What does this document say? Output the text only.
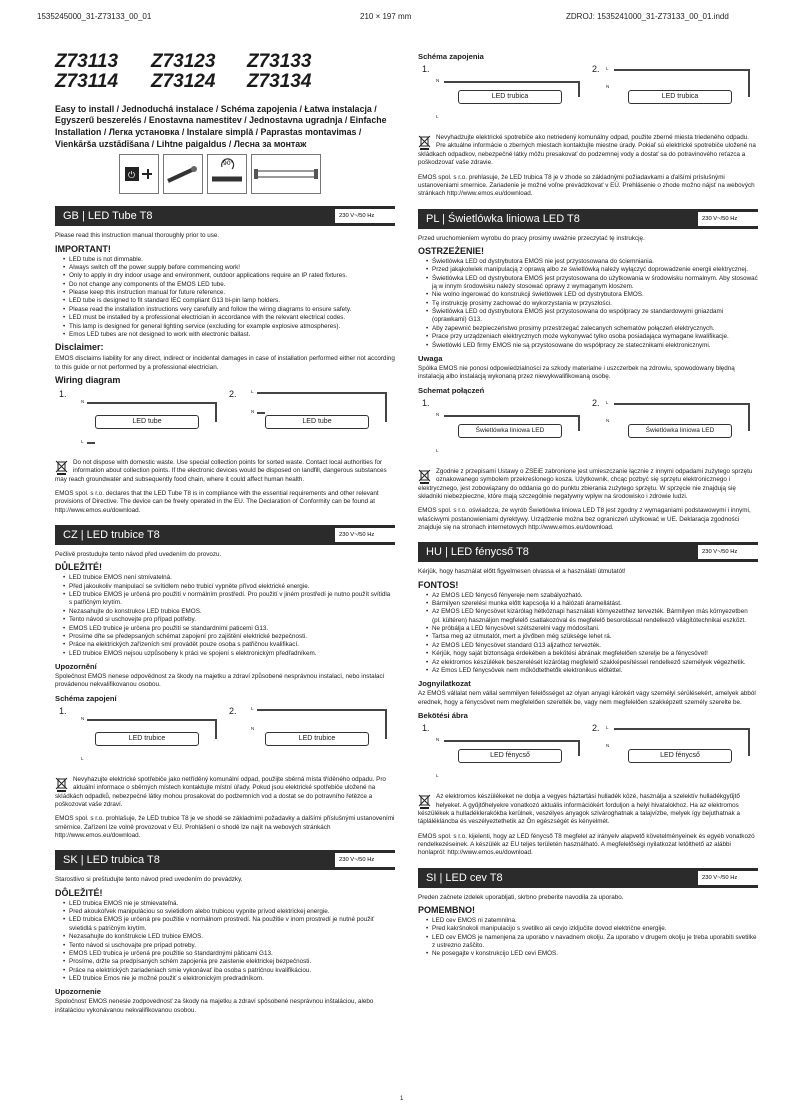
1535245000_31-Z73133_00_01	210 × 197 mm	ZDROJ: 1535241000_31-Z73133_00_01.indd
Z73113 Z73123 Z73133
Z73114 Z73124 Z73134
Easy to install / Jednoduchá instalace / Schéma zapojenia / Łatwa instalacja / Egyszerű beszerelés / Enostavna namestitev / Jednostavna ugradnja / Einfache Installation / Легка установка / Instalare simplă / Paprastas montavimas / Vienkārša uzstādīšana / Lihtne paigaldus / Лесна за монтаж
⏻
90°
GB | LED Tube T8	230 V~/50 Hz

Please read this instruction manual thoroughly prior to use.

IMPORTANT!
• LED tube is not dimmable.
• Always switch off the power supply before commencing work!
• Only to apply in dry indoor usage and environment, outdoor applications require an IP rated fixtures.
• Do not change any components of the EMOS LED tube.
• Please keep this instruction manual for future reference.
• LED tube is designed to fit standard IEC compliant G13 bi-pin lamp holders.
• Please read the installation instructions very carefully and follow the wiring diagrams to ensure safety.
• LED must be installed by a professional electrician in accordance with the relevant electrical codes.
• This lamp is designed for general lighting service (excluding for example explosive atmospheres).
• Emos LED tubes are not designed to work with electronic ballast.
Disclaimer:

EMOS disclaims liability for any direct, indirect or incidental damages in case of installation performed either not according to this guide or not performed by a professional electrician.

Wiring diagram
1.
N
L
LED tube
2.	L
N
LED tube

Do not dispose with domestic waste. Use special collection points for sorted waste. Contact local authorities for information about collection points. If the electronic devices would be disposed on landfill, dangerous substances may reach groundwater and subsequently food chain, where it could affect human health.

EMOS spol. s r.o. declares that the LED Tube T8 is in compliance with the essential requirements and other relevant provisions of Directive. The device can be freely operated in the EU. The Declaration of Conformity can be found at http://www.emos.eu/download.

CZ | LED trubice T8	230 V~/50 Hz

Pečlivě prostudujte tento návod před uvedením do provozu.

DŮLEŽITÉ!
• LED trubice EMOS není stmívatelná.
• Před jakoukoliv manipulací se svítidlem nebo trubicí vypněte přívod elektrické energie.
• LED trubice EMOS je určená pro použití v normálním prostředí. Pro použití v jiném prostředí je nutno použít svítidla s patřičným krytím.
• Nezasahujte do konstrukce LED trubice EMOS.
• Tento návod si uschovejte pro případ potřeby.
• EMOS LED trubice je určena pro použití se standardními paticemi G13.
• Prosíme dřte se předepsaných schémat zapojení pro zajištění elektrické bezpečnosti.
• Práce na elektrických zařízeních smí provádět pouze osoba s patřičnou kvalifikací.
• LED trubice EMOS nejsou uzpůsobeny k práci ve spojení s elektronickým předřadníkem.
Upozornění

Společnost EMOS nenese odpovědnost za škody na majetku a zdraví způsobené nesprávnou instalací, nebo instalací provádenou nekvalifikovanou osobou.

Schéma zapojení
1.
N
L
LED trubice
2.	L
N
LED trubice

Nevyhazujte elektrické spotřebiče jako netříděný komunální odpad, použijte sběrná místa tříděného odpadu. Pro aktuální informace o sběrných místech kontaktujte místní úřady. Pokud jsou elektrické spotřebiče uložené na skládkách odpadků, nebezpečné látky mohou prosakovat do podzemních vod a dostat se do potravního řetězce a poškozovat vaše zdraví.

EMOS spol. s r.o. prohlašuje, že LED trubice T8 je ve shodě se základními požadavky a dalšími příslušnými ustanoveními směrnice. Zařízení lze volně provozovat v EU. Prohlášení o shodě lze najít na webových stránkách http://www.emos.eu/download.

SK | LED trubica T8	230 V~/50 Hz

Starostlivo si preštudujte tento návod pred uvedením do prevádzky.

DÔLEŽITÉ!
• LED trubica EMOS nie je stmievateľná.
• Pred akoukoľvek manipuláciou so svietidlom alebo trubicou vypnite prívod elektrickej energie.
• LED trubica EMOS je určená pre použitie v normálnom prostredí. Na použitie v inom prostredí je nutné použiť svietidlá s patričným krytím.
• Nezasahujte do konštrukcie LED trubice EMOS.
• Tento návod si uschovajte pre prípad potreby.
• EMOS LED trubica je určená pre použitie so štandardnými päticami G13.
• Prosíme, držte sa predpísaných schém zapojenia pre zaistenie elektrickej bezpečnosti.
• Práce na elektrických zariadeniach smie vykonávať iba osoba s patričnou kvalifikáciou.
• LED trubice Emos nie je možné použiť s elektronickým predradníkom.
Upozornenie

Spoločnosť EMOS nenesie zodpovednosť za škody na majetku a zdraví spôsobené nesprávnou inštaláciou, alebo inštaláciou vykonávanou nekvalifikovanou osobou.

Schéma zapojenia
1.
N
L
LED trubica
2. L
N
LED trubica

Nevyhadzujte elektrické spotrebiče ako netriedený komunálny odpad, použite zberné miesta triedeného odpadu. Pre aktuálne informácie o zberných miestach kontaktujte miestne úrady. Pokiaľ sú elektrické spotrebiče uložené na skládkach odpadkov, nebezpečné látky môžu presakovať do podzemnej vody a dostať sa do potravinového reťazca a poškodzovať vaše zdravie.

EMOS spol. s r.o. prehlasuje, že LED trubica T8 je v zhode so základnými požiadavkami a ďalšími príslušnými ustanoveniami smernice. Zariadenie je možné voľne prevádzkovať v EÚ. Prehlásenie o zhode možno nájsť na webových stránkach http://www.emos.eu/download.

PL | Świetlówka liniowa LED T8	230 V~/50 Hz

Przed uruchomieniem wyrobu do pracy prosimy uważnie przeczytać tę instrukcję.

OSTRZEŻENIE!
• Świetlówka LED od dystrybutora EMOS nie jest przystosowana do ściemniania.
• Przed jakąkolwiek manipulacją z oprawą albo ze świetlówką należy wyłączyć doprowadzenie energii elektrycznej.
• Świetlówka LED od dystrybutora EMOS jest przystosowana do użytkowania w środowisku normalnym. Aby stosować ją w innym środowisku należy stosować oprawy z wymaganym kloszem.
• Nie wolno ingerować do konstrukcji świetlówek LED od dystrybutora EMOS.
• Tę instrukcję prosimy zachować do wykorzystania w przyszłości.
• Świetlówka LED od dystrybutora EMOS jest przystosowana do współpracy ze standardowymi gniazdami (oprawkami) G13.
• Aby zapewnić bezpieczeństwo prosimy przestrzegać zalecanych schematów połączeń elektrycznych.
• Prace przy urządzeniach elektrycznych może wykonywać tylko osoba posiadająca wymagane kwalifikacje.
• Świetlówki LED firmy EMOS nie są przystosowane do współpracy ze statecznikami elektronicznymi.
Uwaga

Spółka EMOS nie ponosi odpowiedzialności za szkody materialne i uszczerbek na zdrowiu, spowodowany błędną instalacją albo instalacją wykonaną przez niewykwalifikowaną osobę.

Schemat połączeń
1.
N
L
Świetlówka liniowa LED
2. L
N
Świetlówka liniowa LED

Zgodnie z przepisami Ustawy o ZSEiE zabronione jest umieszczanie łącznie z innymi odpadami zużytego sprzętu oznakowanego symbolem przekreślonego kosza. Użytkownik, chcąc pozbyć się sprzętu elektronicznego i elektrycznego, jest zobowiązany do oddania go do punktu zbierania zużytego sprzętu. W sprzęcie nie znajdują się składniki niebezpieczne, które mają szczególnie negatywny wpływ na środowisko i zdrowie ludzi.

EMOS spol. s r.o. oświadcza, że wyrób Świetlówka liniowa LED T8 jest zgodny z wymaganiami podstawowymi i innymi, właściwymi postanowieniami dyrektywy. Urządzenie można bez ograniczeń użytkować w UE. Deklaracja zgodności znajduje się na stronach internetowych http://www.emos.eu/download.

HU | LED fénycső T8	230 V~/50 Hz

Kérjük, hogy használat előtt figyelmesen olvassa el a használati útmutatót!

FONTOS!
• Az EMOS LED fénycső fényereje nem szabályozható.
• Bármilyen szerelési munka előtt kapcsolja ki a hálózati áramellátást.
• Az EMOS LED fénycsövet kizárólag hétköznapi használati környezetthez tervezték. Bármilyen más környezetben (pl. kültéren) használjon megfelelő csatlakozóval és megfelelő besorolással rendelkező világítótechnikai eszközt.
• Ne próbálja a LED fénycsövet szétszerelni vagy módosítani.
• Tartsa meg az útmutatót, mert a jövőben még szüksége lehet rá.
• Az EMOS LED fénycsövet standard G13 aljzathoz tervezték.
• Kérjük, hogy saját biztonsága érdekében a bekötési ábrának megfelelően szerelje be a fénycsövet!
• Az elektromos készülékek beszerelését kizárólag megfelelő szakképesítéssel rendelkező személyek végezhetik.
• Az Emos LED fénycsövek nem működtethetők elektronikus előtéttel.
Jognyilatkozat

Az EMOS vállalat nem vállal semmilyen felelősséget az olyan anyagi károkért vagy személyi sérülésekért, amelyek abból erednek, hogy a fénycsövet nem megfelelően szerelték be, vagy nem megfelelően szakképzett személy szerelte be.

Bekötési ábra
1.
N
L
LED fénycső
2. L
N
LED fénycső

Az elektromos készülékeket ne dobja a vegyes háztartási hulladék közé, használja a szelektív hulladékgyűjtő helyeket. A gyűjtőhelyekre vonatkozó aktuális információkért forduljon a helyi hivatalokhoz. Ha az elektromos készülékek a hulladéklerakókba kerülnek, veszélyes anyagok szivároghatnak a talajvízbe, melyek így bejuthatnak a táplálékláncba és veszélyeztethetik az Ön egészségét és kényelmét.

EMOS spol. s r.o. kijelenti, hogy az LED fénycső T8 megfelel az irányelv alapvető követelményeinek és egyéb vonatkozó rendelkezéseinek. A készülék az EU teljes területén használható. A megfelelőségi nyilatkozat letölthető az alábbi honlapról: http://www.emos.eu/download.

SI | LED cev T8	230 V~/50 Hz

Preden začnete izdelek uporabljati, skrbno preberite navodila za uporabo.

POMEMBNO!
• LED cev EMOS ni zatemnilna.
• Pred kakršnokoli manipulacijo s svetilko ali cevjo izključite dovod električne energije.
• LED cev EMOS je namenjena za uporabo v navadnem okolju. Za uporabo v drugem okolju je treba uporabiti svetilke z ustrezno zaščito.
• Ne posegajte v konstrukcijo LED cevi EMOS.
1
